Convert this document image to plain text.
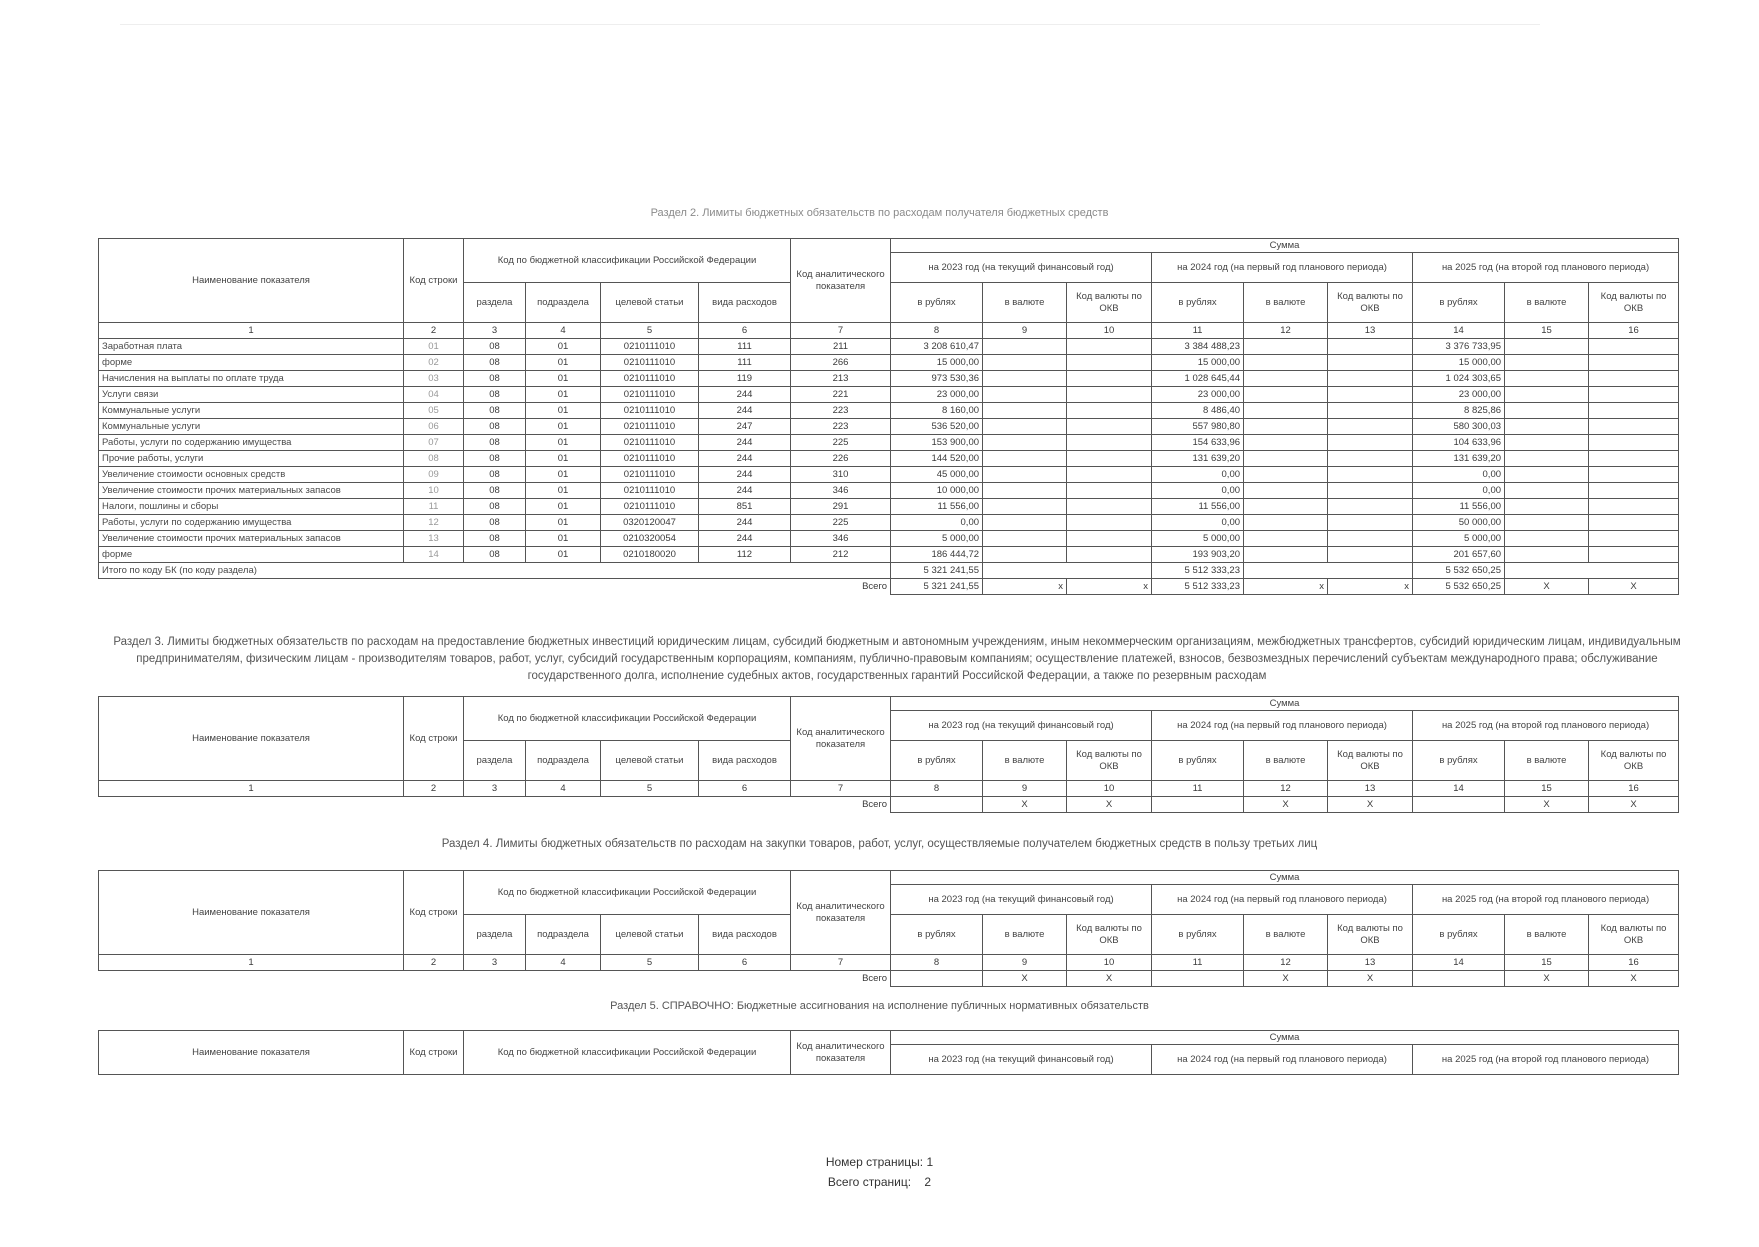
Раздел 2. Лимиты бюджетных обязательств по расходам получателя бюджетных средств
Наименование показателя	Код строки	Код по бюджетной классификации Российской Федерации				Код аналитического показателя	Сумма								
							на 2023 год (на текущий финансовый год)			на 2024 год (на первый год планового периода)			на 2025 год (на второй год планового периода)		
		раздела	подраздела	целевой статьи	вида расходов		в рублях	в валюте	Код валюты по ОКВ	в рублях	в валюте	Код валюты по ОКВ	в рублях	в валюте	Код валюты по ОКВ
1	2	3	4	5	6	7	8	9	10	11	12	13	14	15	16
Заработная плата	01	08	01	0210111010	111	211	3 208 610,47			3 384 488,23			3 376 733,95		
форме	02	08	01	0210111010	111	266	15 000,00			15 000,00			15 000,00		
Начисления на выплаты по оплате труда	03	08	01	0210111010	119	213	973 530,36			1 028 645,44			1 024 303,65		
Услуги связи	04	08	01	0210111010	244	221	23 000,00			23 000,00			23 000,00		
Коммунальные услуги	05	08	01	0210111010	244	223	8 160,00			8 486,40			8 825,86		
Коммунальные услуги	06	08	01	0210111010	247	223	536 520,00			557 980,80			580 300,03		
Работы, услуги по содержанию имущества	07	08	01	0210111010	244	225	153 900,00			154 633,96			104 633,96		
Прочие работы, услуги	08	08	01	0210111010	244	226	144 520,00			131 639,20			131 639,20		
Увеличение стоимости основных средств	09	08	01	0210111010	244	310	45 000,00			0,00			0,00		
Увеличение стоимости прочих материальных запасов	10	08	01	0210111010	244	346	10 000,00			0,00			0,00		
Налоги, пошлины и сборы	11	08	01	0210111010	851	291	11 556,00			11 556,00			11 556,00		
Работы, услуги по содержанию имущества	12	08	01	0320120047	244	225	0,00			0,00			50 000,00		
Увеличение стоимости прочих материальных запасов	13	08	01	0210320054	244	346	5 000,00			5 000,00			5 000,00		
форме	14	08	01	0210180020	112	212	186 444,72			193 903,20			201 657,60		
Итого по коду БК (по коду раздела)							5 321 241,55			5 512 333,23			5 532 650,25		
Всего							5 321 241,55	x	x	5 512 333,23	x	x	5 532 650,25	X	X
Раздел 3. Лимиты бюджетных обязательств по расходам на предоставление бюджетных инвестиций юридическим лицам, субсидий бюджетным и автономным учреждениям, иным некоммерческим организациям, межбюджетных трансфертов, субсидий юридическим лицам, индивидуальным предпринимателям, физическим лицам - производителям товаров, работ, услуг, субсидий государственным корпорациям, компаниям, публично-правовым компаниям; осуществление платежей, взносов, безвозмездных перечислений субъектам международного права; обслуживание государственного долга, исполнение судебных актов, государственных гарантий Российской Федерации, а также по резервным расходам
Наименование показателя	Код строки	Код по бюджетной классификации Российской Федерации				Код аналитического показателя	Сумма								
							на 2023 год (на текущий финансовый год)			на 2024 год (на первый год планового периода)			на 2025 год (на второй год планового периода)		
		раздела	подраздела	целевой статьи	вида расходов		в рублях	в валюте	Код валюты по ОКВ	в рублях	в валюте	Код валюты по ОКВ	в рублях	в валюте	Код валюты по ОКВ
1	2	3	4	5	6	7	8	9	10	11	12	13	14	15	16
Всего								X	X		X	X		X	X
Раздел 4. Лимиты бюджетных обязательств по расходам на закупки товаров, работ, услуг, осуществляемые получателем бюджетных средств в пользу третьих лиц
Наименование показателя	Код строки	Код по бюджетной классификации Российской Федерации				Код аналитического показателя	Сумма								
							на 2023 год (на текущий финансовый год)			на 2024 год (на первый год планового периода)			на 2025 год (на второй год планового периода)		
		раздела	подраздела	целевой статьи	вида расходов		в рублях	в валюте	Код валюты по ОКВ	в рублях	в валюте	Код валюты по ОКВ	в рублях	в валюте	Код валюты по ОКВ
1	2	3	4	5	6	7	8	9	10	11	12	13	14	15	16
Всего								X	X		X	X		X	X
Раздел 5. СПРАВОЧНО: Бюджетные ассигнования на исполнение публичных нормативных обязательств
Наименование показателя	Код строки	Код по бюджетной классификации Российской Федерации	Код аналитического показателя	Сумма		
				на 2023 год (на текущий финансовый год)	на 2024 год (на первый год планового периода)	на 2025 год (на второй год планового периода)
Номер страницы: 1
Всего страниц: 2
